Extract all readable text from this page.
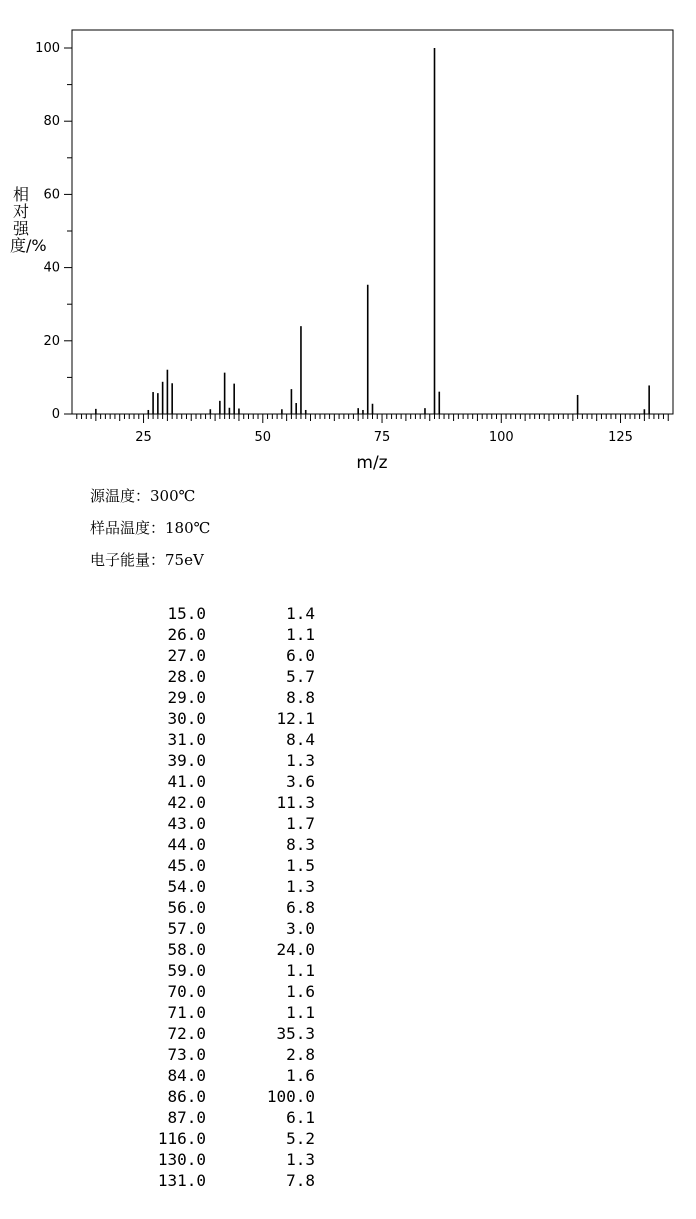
25	50	75	100	125
0
20
40
60
80
100
m/z
相对强度/%
源温度：300℃
样品温度：180℃
电子能量：75eV
15.0	1.4
26.0	1.1
27.0	6.0
28.0	5.7
29.0	8.8
30.0	12.1
31.0	8.4
39.0	1.3
41.0	3.6
42.0	11.3
43.0	1.7
44.0	8.3
45.0	1.5
54.0	1.3
56.0	6.8
57.0	3.0
58.0	24.0
59.0	1.1
70.0	1.6
71.0	1.1
72.0	35.3
73.0	2.8
84.0	1.6
86.0	100.0
87.0	6.1
116.0	5.2
130.0	1.3
131.0	7.8
